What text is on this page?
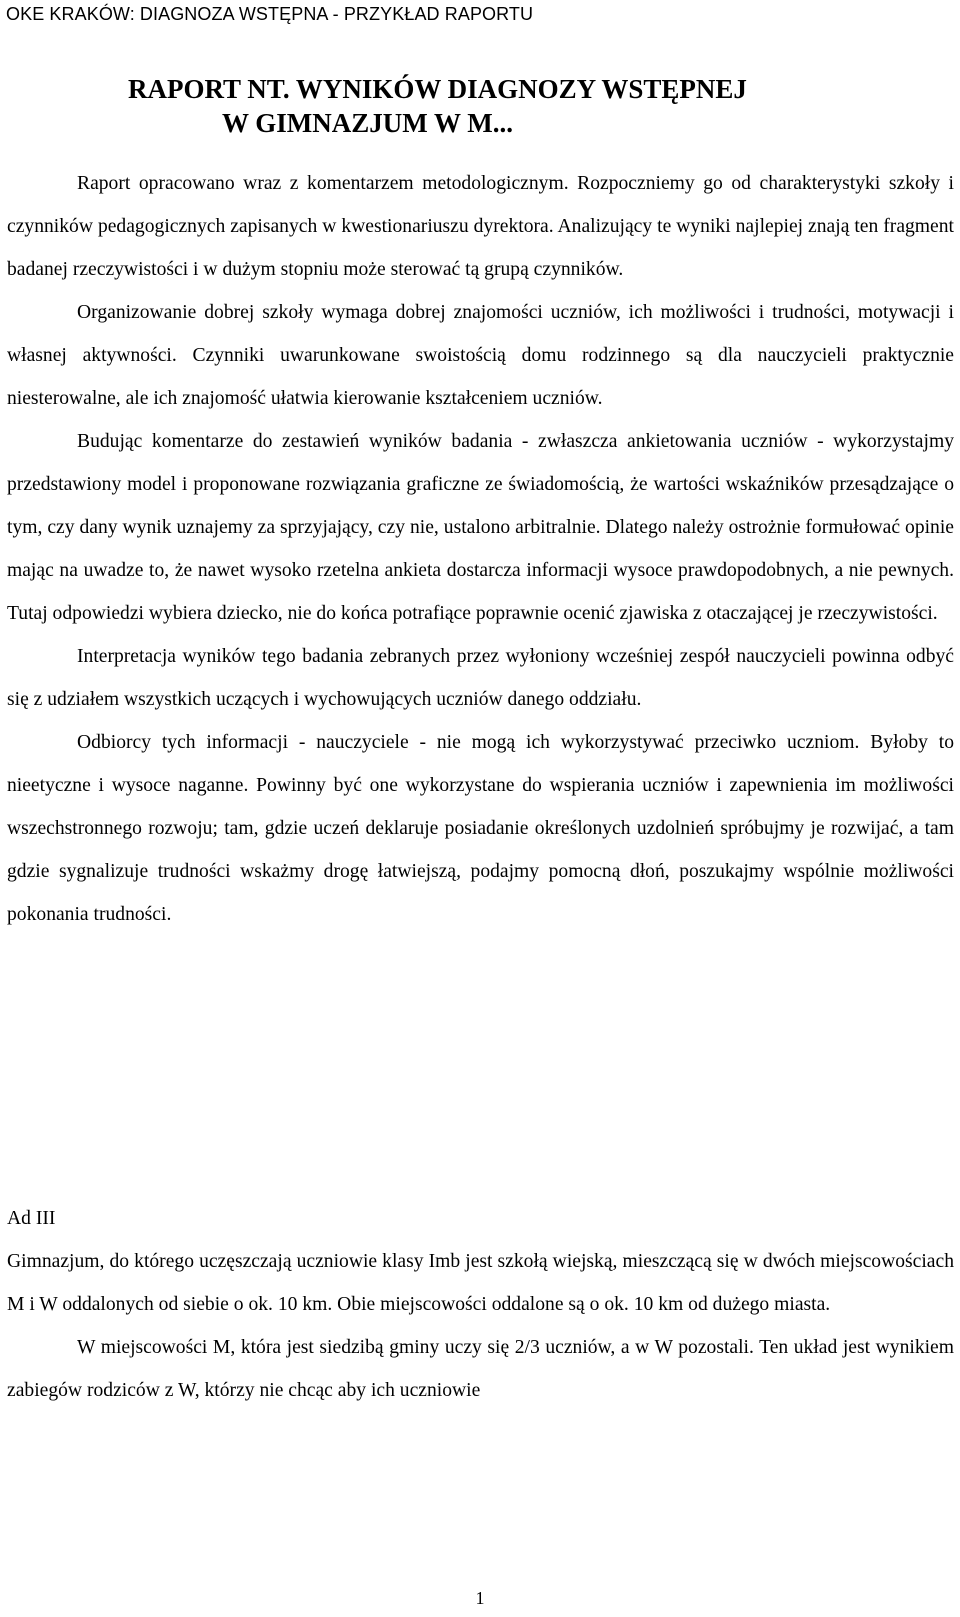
OKE KRAKÓW: DIAGNOZA WSTĘPNA - PRZYKŁAD RAPORTU
RAPORT NT. WYNIKÓW DIAGNOZY WSTĘPNEJ
W GIMNAZJUM W M...

Raport opracowano wraz z komentarzem metodologicznym. Rozpoczniemy go od charakterystyki szkoły i czynników pedagogicznych zapisanych w kwestionariuszu dyrektora. Analizujący te wyniki najlepiej znają ten fragment badanej rzeczywistości i w dużym stopniu może sterować tą grupą czynników.

Organizowanie dobrej szkoły wymaga dobrej znajomości uczniów, ich możliwości i trudności, motywacji i własnej aktywności. Czynniki uwarunkowane swoistością domu rodzinnego są dla nauczycieli praktycznie niesterowalne, ale ich znajomość ułatwia kierowanie kształceniem uczniów.

Budując komentarze do zestawień wyników badania - zwłaszcza ankietowania uczniów - wykorzystajmy przedstawiony model i proponowane rozwiązania graficzne ze świadomością, że wartości wskaźników przesądzające o tym, czy dany wynik uznajemy za sprzyjający, czy nie, ustalono arbitralnie. Dlatego należy ostrożnie formułować opinie mając na uwadze to, że nawet wysoko rzetelna ankieta dostarcza informacji wysoce prawdopodobnych, a nie pewnych. Tutaj odpowiedzi wybiera dziecko, nie do końca potrafiące poprawnie ocenić zjawiska z otaczającej je rzeczywistości.

Interpretacja wyników tego badania zebranych przez wyłoniony wcześniej zespół nauczycieli powinna odbyć się z udziałem wszystkich uczących i wychowujących uczniów danego oddziału.

Odbiorcy tych informacji - nauczyciele - nie mogą ich wykorzystywać przeciwko uczniom. Byłoby to nieetyczne i wysoce naganne. Powinny być one wykorzystane do wspierania uczniów i zapewnienia im możliwości wszechstronnego rozwoju; tam, gdzie uczeń deklaruje posiadanie określonych uzdolnień spróbujmy je rozwijać, a tam gdzie sygnalizuje trudności wskażmy drogę łatwiejszą, podajmy pomocną dłoń, poszukajmy wspólnie możliwości pokonania trudności.

Ad III

Gimnazjum, do którego uczęszczają uczniowie klasy Imb jest szkołą wiejską, mieszczącą się w dwóch miejscowościach M i W oddalonych od siebie o ok. 10 km. Obie miejscowości oddalone są o ok. 10 km od dużego miasta.

W miejscowości M, która jest siedzibą gminy uczy się 2/3 uczniów, a w W pozostali. Ten układ jest wynikiem zabiegów rodziców z W, którzy nie chcąc aby ich uczniowie

1
